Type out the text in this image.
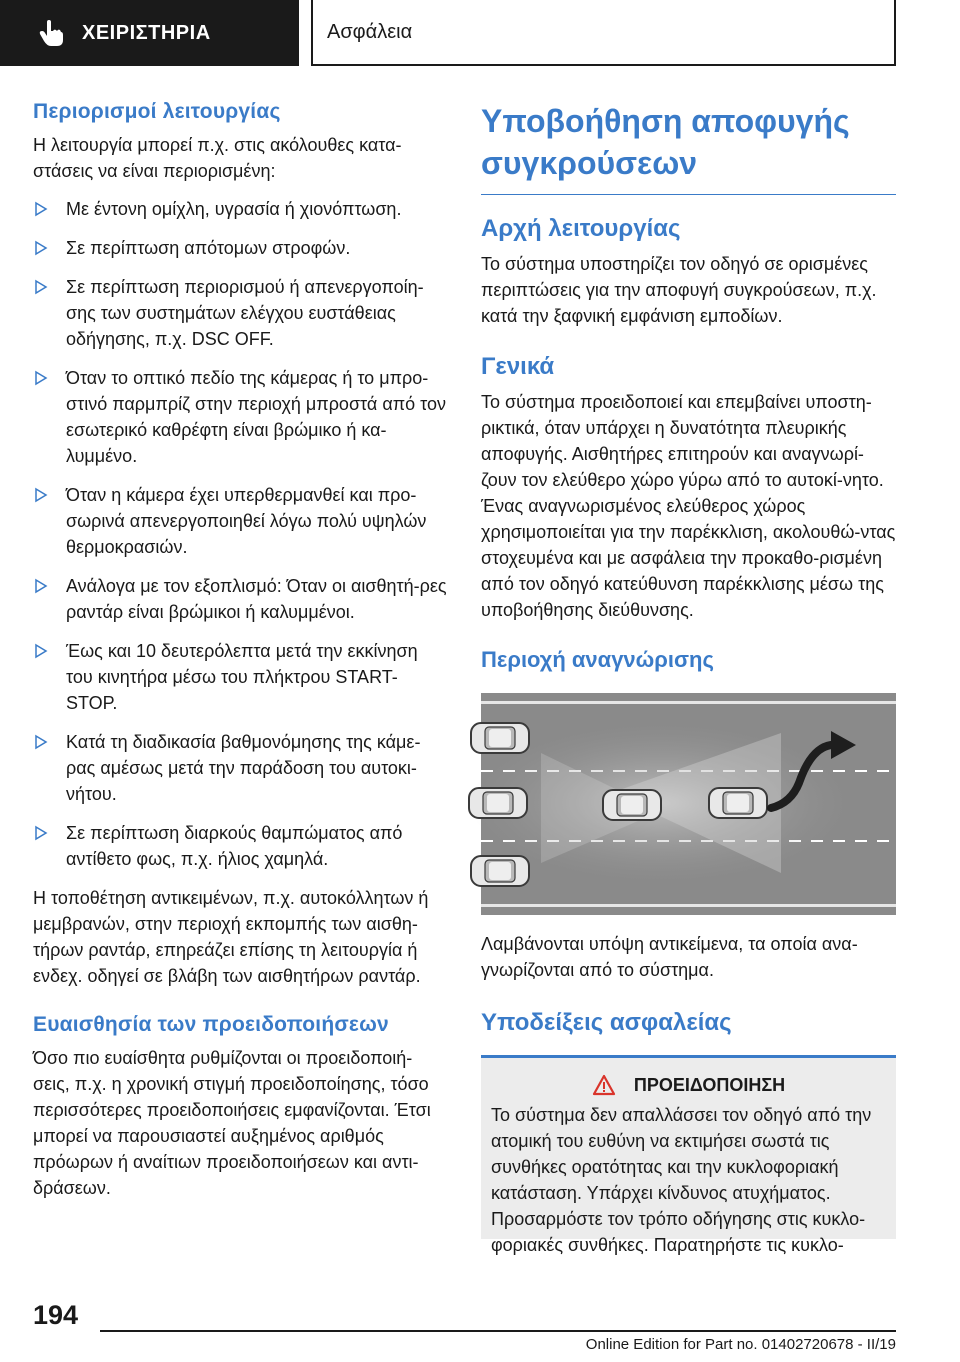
ΧΕΙΡΙΣΤΗΡΙΑ	Ασφάλεια
Περιορισμοί λειτουργίας

Η λειτουργία μπορεί π.χ. στις ακόλουθες κατα-στάσεις να είναι περιορισμένη:

Με έντονη ομίχλη, υγρασία ή χιονόπτωση.
Σε περίπτωση απότομων στροφών.
Σε περίπτωση περιορισμού ή απενεργοποίη-σης των συστημάτων ελέγχου ευστάθειας οδήγησης, π.χ. DSC OFF.
Όταν το οπτικό πεδίο της κάμερας ή το μπρο-στινό παρμπρίζ στην περιοχή μπροστά από τον εσωτερικό καθρέφτη είναι βρώμικο ή κα-λυμμένο.
Όταν η κάμερα έχει υπερθερμανθεί και προ-σωρινά απενεργοποιηθεί λόγω πολύ υψηλών θερμοκρασιών.
Ανάλογα με τον εξοπλισμό: Όταν οι αισθητή-ρες ραντάρ είναι βρώμικοι ή καλυμμένοι.
Έως και 10 δευτερόλεπτα μετά την εκκίνηση του κινητήρα μέσω του πλήκτρου START-STOP.
Κατά τη διαδικασία βαθμονόμησης της κάμε-ρας αμέσως μετά την παράδοση του αυτοκι-νήτου.
Σε περίπτωση διαρκούς θαμπώματος από αντίθετο φως, π.χ. ήλιος χαμηλά.

Η τοποθέτηση αντικειμένων, π.χ. αυτοκόλλητων ή μεμβρανών, στην περιοχή εκπομπής των αισθη-τήρων ραντάρ, επηρεάζει επίσης τη λειτουργία ή ενδεχ. οδηγεί σε βλάβη των αισθητήρων ραντάρ.

Ευαισθησία των προειδοποιήσεων

Όσο πιο ευαίσθητα ρυθμίζονται οι προειδοποιή-σεις, π.χ. η χρονική στιγμή προειδοποίησης, τόσο περισσότερες προειδοποιήσεις εμφανίζονται. Έτσι μπορεί να παρουσιαστεί αυξημένος αριθμός πρόωρων ή αναίτιων προειδοποιήσεων και αντι-δράσεων.

Υποβοήθηση αποφυγής συγκρούσεων
Αρχή λειτουργίας

Το σύστημα υποστηρίζει τον οδηγό σε ορισμένες περιπτώσεις για την αποφυγή συγκρούσεων, π.χ. κατά την ξαφνική εμφάνιση εμποδίων.

Γενικά

Το σύστημα προειδοποιεί και επεμβαίνει υποστη-ρικτικά, όταν υπάρχει η δυνατότητα πλευρικής αποφυγής. Αισθητήρες επιτηρούν και αναγνωρί-ζουν τον ελεύθερο χώρο γύρω από το αυτοκί-νητο. Ένας αναγνωρισμένος ελεύθερος χώρος χρησιμοποιείται για την παρέκκλιση, ακολουθώ-ντας στοχευμένα και με ασφάλεια την προκαθο-ρισμένη από τον οδηγό κατεύθυνση παρέκκλισης μέσω της υποβοήθησης διεύθυνσης.

Περιοχή αναγνώρισης

Λαμβάνονται υπόψη αντικείμενα, τα οποία ανα-γνωρίζονται από το σύστημα.

Υποδείξεις ασφαλείας
ΠΡΟΕΙΔΟΠΟΙΗΣΗ

Το σύστημα δεν απαλλάσσει τον οδηγό από την ατομική του ευθύνη να εκτιμήσει σωστά τις συνθήκες ορατότητας και την κυκλοφοριακή κατάσταση. Υπάρχει κίνδυνος ατυχήματος. Προσαρμόστε τον τρόπο οδήγησης στις κυκλο-φοριακές συνθήκες. Παρατηρήστε τις κυκλο-

194
Online Edition for Part no. 01402720678 - II/19
